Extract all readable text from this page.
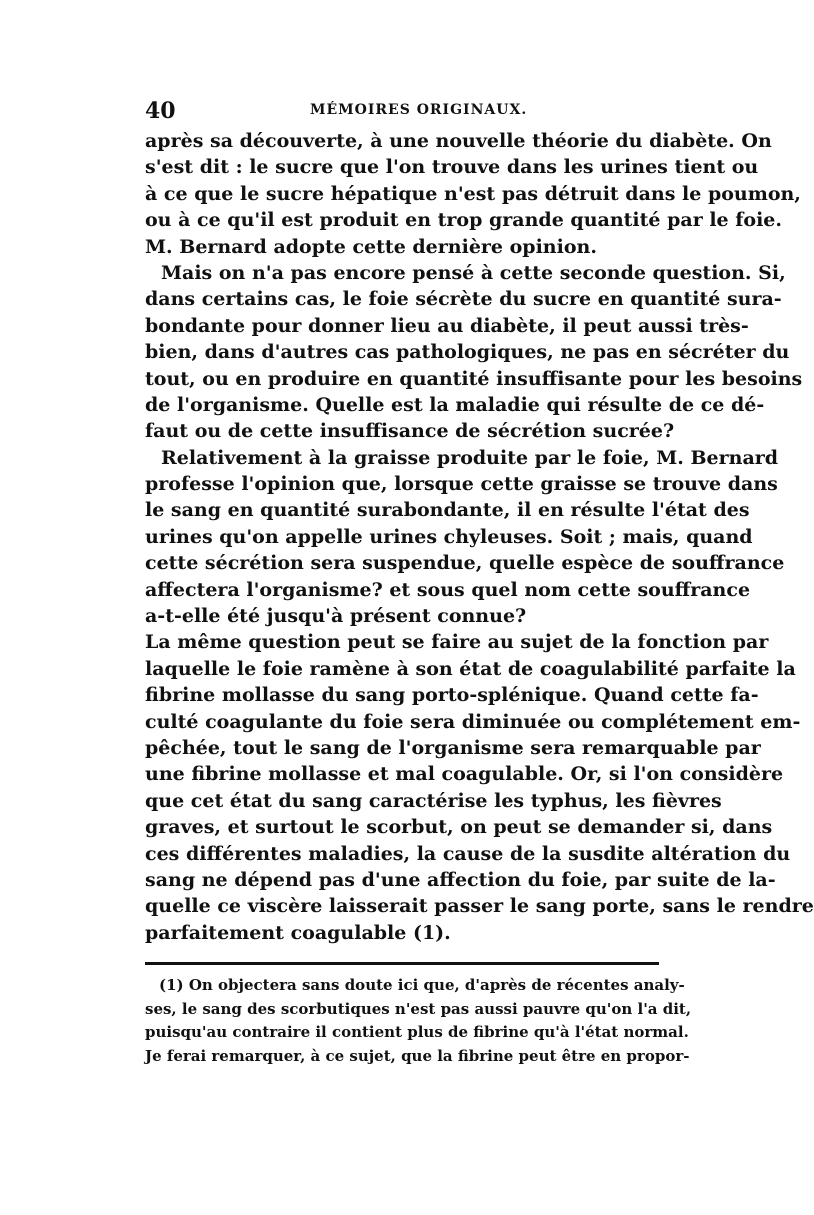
40	MÉMOIRES ORIGINAUX.
après sa découverte, à une nouvelle théorie du diabète. On
s'est dit : le sucre que l'on trouve dans les urines tient ou
à ce que le sucre hépatique n'est pas détruit dans le poumon,
ou à ce qu'il est produit en trop grande quantité par le foie.
M. Bernard adopte cette dernière opinion.
Mais on n'a pas encore pensé à cette seconde question. Si,
dans certains cas, le foie sécrète du sucre en quantité sura-
bondante pour donner lieu au diabète, il peut aussi très-
bien, dans d'autres cas pathologiques, ne pas en sécréter du
tout, ou en produire en quantité insuffisante pour les besoins
de l'organisme. Quelle est la maladie qui résulte de ce dé-
faut ou de cette insuffisance de sécrétion sucrée?
Relativement à la graisse produite par le foie, M. Bernard
professe l'opinion que, lorsque cette graisse se trouve dans
le sang en quantité surabondante, il en résulte l'état des
urines qu'on appelle urines chyleuses. Soit ; mais, quand
cette sécrétion sera suspendue, quelle espèce de souffrance
affectera l'organisme? et sous quel nom cette souffrance
a-t-elle été jusqu'à présent connue?
La même question peut se faire au sujet de la fonction par
laquelle le foie ramène à son état de coagulabilité parfaite la
fibrine mollasse du sang porto-splénique. Quand cette fa-
culté coagulante du foie sera diminuée ou complétement em-
pêchée, tout le sang de l'organisme sera remarquable par
une fibrine mollasse et mal coagulable. Or, si l'on considère
que cet état du sang caractérise les typhus, les fièvres
graves, et surtout le scorbut, on peut se demander si, dans
ces différentes maladies, la cause de la susdite altération du
sang ne dépend pas d'une affection du foie, par suite de la-
quelle ce viscère laisserait passer le sang porte, sans le rendre
parfaitement coagulable (1).
(1) On objectera sans doute ici que, d'après de récentes analy-
ses, le sang des scorbutiques n'est pas aussi pauvre qu'on l'a dit,
puisqu'au contraire il contient plus de fibrine qu'à l'état normal.
Je ferai remarquer, à ce sujet, que la fibrine peut être en propor-
